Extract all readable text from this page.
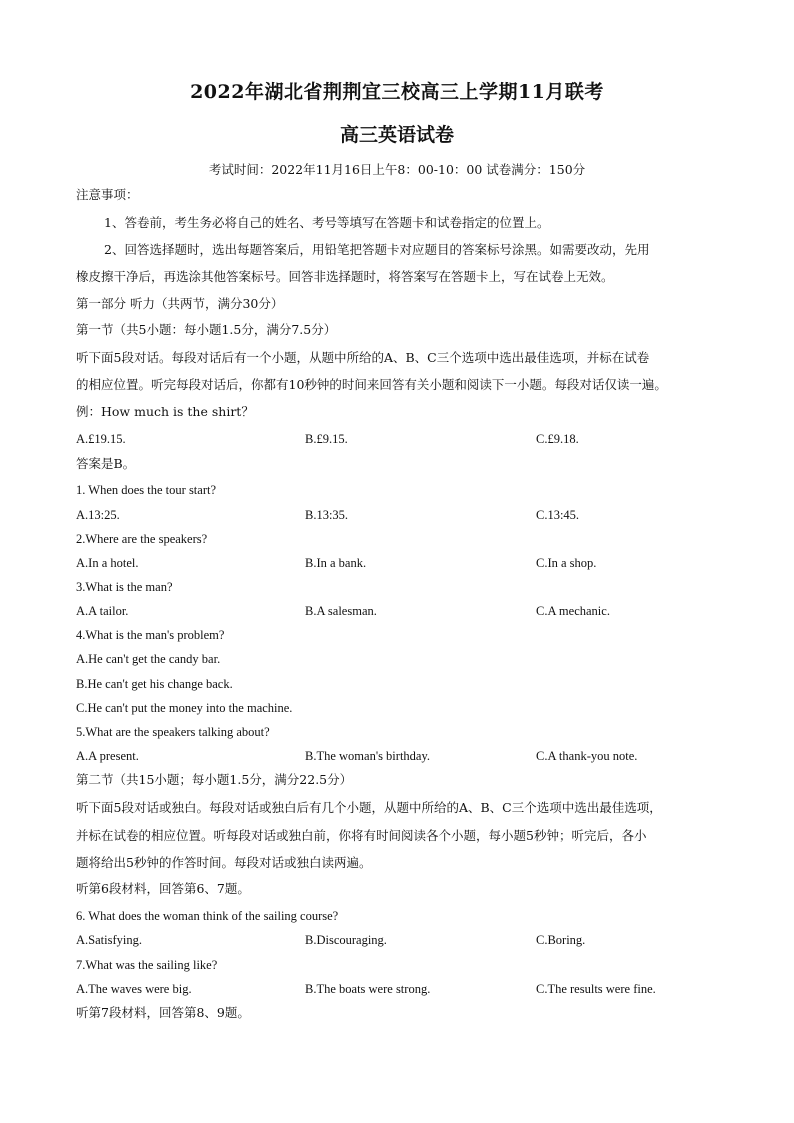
2022年湖北省荆荆宜三校高三上学期11月联考
高三英语试卷
考试时间：2022年11月16日上午8：00-10：00 试卷满分：150分
注意事项：
1、答卷前，考生务必将自己的姓名、考号等填写在答题卡和试卷指定的位置上。
2、回答选择题时，选出每题答案后，用铅笔把答题卡对应题目的答案标号涂黑。如需要改动，先用
橡皮擦干净后，再选涂其他答案标号。回答非选择题时，将答案写在答题卡上，写在试卷上无效。
第一部分 听力（共两节，满分30分）
第一节（共5小题：每小题1.5分，满分7.5分）
听下面5段对话。每段对话后有一个小题，从题中所给的A、B、C三个选项中选出最佳选项，并标在试卷
的相应位置。听完每段对话后，你都有10秒钟的时间来回答有关小题和阅读下一小题。每段对话仅读一遍。
例：How much is the shirt？
A.£19.15.	B.£9.15.	C.£9.18.
答案是B。
1. When does the tour start?
A.13:25.	B.13:35.	C.13:45.
2.Where are the speakers?
A.In a hotel.	B.In a bank.	C.In a shop.
3.What is the man?
A.A tailor.	B.A salesman.	C.A mechanic.
4.What is the man's problem?
A.He can't get the candy bar.
B.He can't get his change back.
C.He can't put the money into the machine.
5.What are the speakers talking about?
A.A present.	B.The woman's birthday.	C.A thank-you note.
第二节（共15小题；每小题1.5分，满分22.5分）
听下面5段对话或独白。每段对话或独白后有几个小题，从题中所给的A、B、C三个选项中选出最佳选项，
并标在试卷的相应位置。听每段对话或独白前，你将有时间阅读各个小题，每小题5秒钟；听完后，各小
题将给出5秒钟的作答时间。每段对话或独白读两遍。
听第6段材料，回答第6、7题。
6. What does the woman think of the sailing course?
A.Satisfying.	B.Discouraging.	C.Boring.
7.What was the sailing like?
A.The waves were big.	B.The boats were strong.	C.The results were fine.
听第7段材料，回答第8、9题。
